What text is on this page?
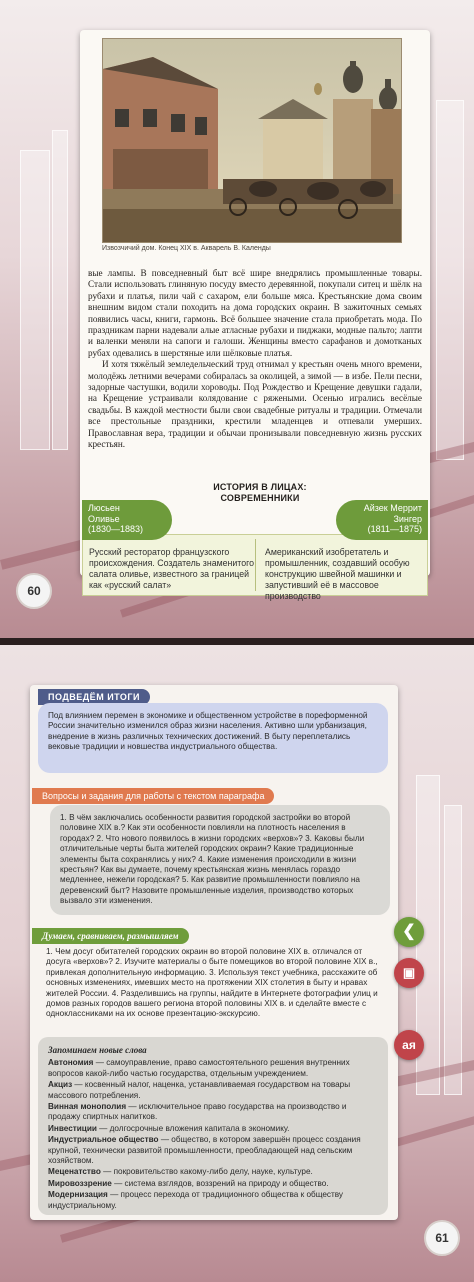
Извозчичий дом. Конец XIX в. Акварель В. Календы

вые лампы. В повседневный быт всё шире внедрялись промышленные товары. Стали использовать глиняную посуду вместо деревянной, покупали ситец и шёлк на рубахи и платья, пили чай с сахаром, ели больше мяса. Крестьянские дома своим внешним видом стали походить на дома городских окраин. В зажиточных семьях появились часы, книги, гармонь. Всё большее значение стала приобретать мода. По праздникам парни надевали алые атласные рубахи и пиджаки, модные пальто; лапти и валенки меняли на сапоги и галоши. Женщины вместо сарафанов и домотканых рубах одевались в шерстяные или шёлковые платья.

И хотя тяжёлый земледельческий труд отнимал у крестьян очень много времени, молодёжь летними вечерами собиралась за околицей, а зимой — в избе. Пели песни, задорные частушки, водили хороводы. Под Рождество и Крещение девушки гадали, на Крещение устраивали колядование с ряжеными. Осенью игрались весёлые свадьбы. В каждой местности были свои свадебные ритуалы и традиции. Отмечали все престольные праздники, крестили младенцев и отпевали умерших. Православная вера, традиции и обычаи пронизывали повседневную жизнь русских крестьян.

ИСТОРИЯ В ЛИЦАХ:
СОВРЕМЕННИКИ
Русский ресторатор французского происхождения. Создатель знаменитого салата оливье, известного за границей как «русский салат»
Американский изобретатель и промышленник, создавший особую конструкцию швейной машинки и запустивший её в массовое производство
Люсьен
Оливье
(1830—1883)
Айзек Меррит
Зингер
(1811—1875)
60
ПОДВЕДЁМ ИТОГИ
Под влиянием перемен в экономике и общественном устройстве в пореформенной России значительно изменился образ жизни населения. Активно шли урбанизация, внедрение в жизнь различных технических достижений. В быту переплетались вековые традиции и новшества индустриального общества.
Вопросы и задания для работы с текстом параграфа
1. В чём заключались особенности развития городской застройки во второй половине XIX в.? Как эти особенности повлияли на плотность населения в городах? 2. Что нового появилось в жизни городских «верхов»? 3. Каковы были отличительные черты быта жителей городских окраин? Какие традиционные элементы быта сохранялись у них? 4. Какие изменения происходили в жизни крестьян? Как вы думаете, почему крестьянская жизнь менялась гораздо медленнее, нежели городская? 5. Как развитие промышленности повлияло на деревенский быт? Назовите промышленные изделия, производство которых вызвало эти изменения.
Думаем, сравниваем, размышляем
1. Чем досуг обитателей городских окраин во второй половине XIX в. отличался от досуга «верхов»? 2. Изучите материалы о быте помещиков во второй половине XIX в., привлекая дополнительную информацию. 3. Используя текст учебника, расскажите об основных изменениях, имевших место на протяжении XIX столетия в быту и нравах жителей России. 4. Разделившись на группы, найдите в Интернете фотографии улиц и домов разных городов вашего региона второй половины XIX в. и сделайте вместе с одноклассниками на их основе презентацию-экскурсию.
Запоминаем новые слова
Автономия — самоуправление, право самостоятельного решения внутренних вопросов какой-либо частью государства, отдельным учреждением.
Акциз — косвенный налог, наценка, устанавливаемая государством на товары массового потребления.
Винная монополия — исключительное право государства на производство и продажу спиртных напитков.
Инвестиции — долгосрочные вложения капитала в экономику.
Индустриальное общество — общество, в котором завершён процесс создания крупной, технически развитой промышленности, преобладающей над сельским хозяйством.
Меценатство — покровительство какому-либо делу, науке, культуре.
Мировоззрение — система взглядов, воззрений на природу и общество.
Модернизация — процесс перехода от традиционного общества к обществу индустриальному.
❮
▣
aя
61
